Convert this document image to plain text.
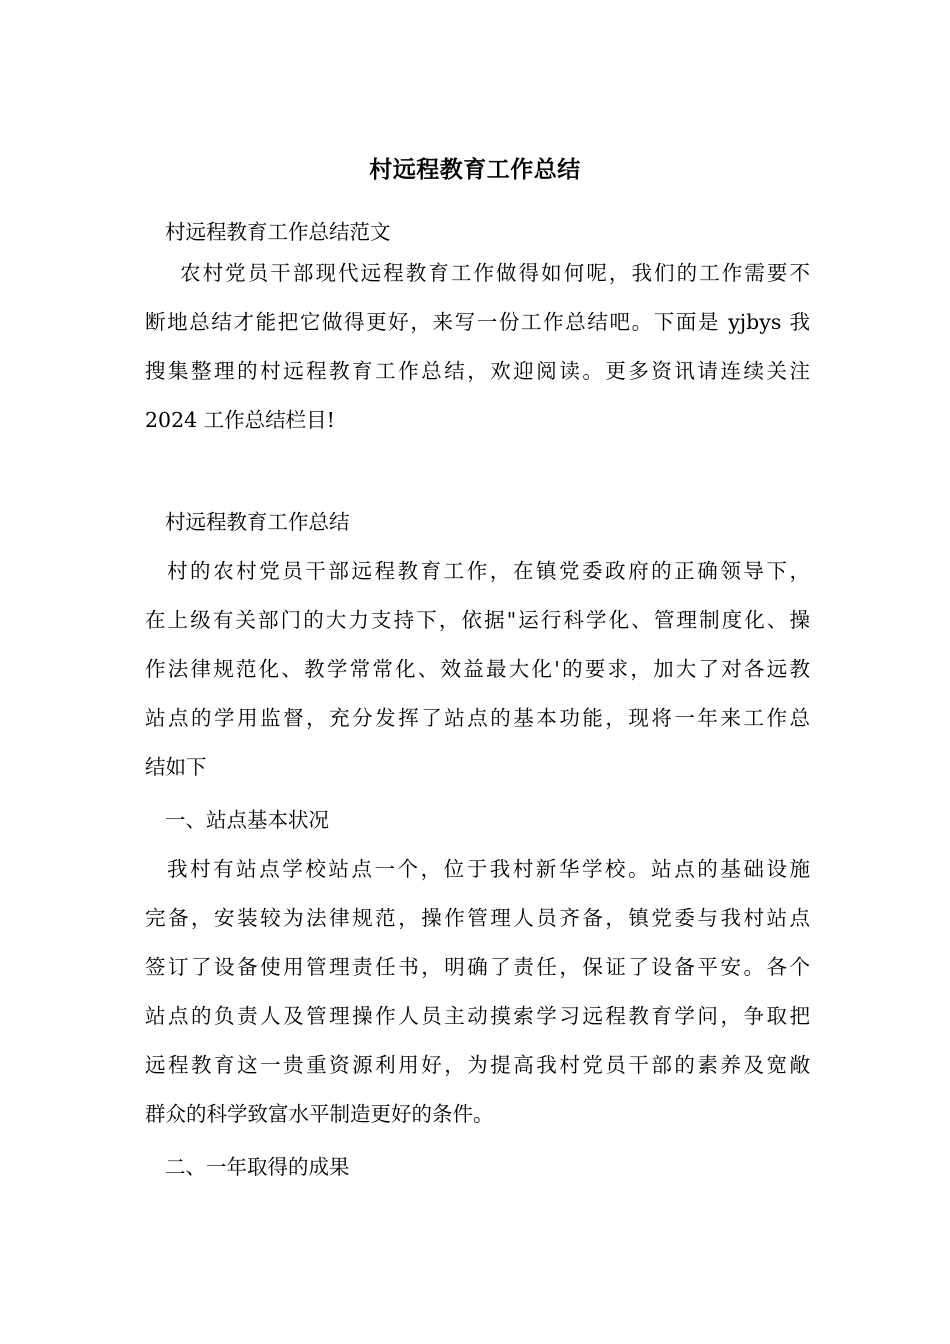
村远程教育工作总结
村远程教育工作总结范文
农村党员干部现代远程教育工作做得如何呢，我们的工作需要不
断地总结才能把它做得更好，来写一份工作总结吧。下面是 yjbys 我
搜集整理的村远程教育工作总结，欢迎阅读。更多资讯请连续关注
2024 工作总结栏目!
村远程教育工作总结
村的农村党员干部远程教育工作，在镇党委政府的正确领导下，
在上级有关部门的大力支持下，依据"运行科学化、管理制度化、操
作法律规范化、教学常常化、效益最大化'的要求，加大了对各远教
站点的学用监督，充分发挥了站点的基本功能，现将一年来工作总
结如下
一、站点基本状况
我村有站点学校站点一个，位于我村新华学校。站点的基础设施
完备，安装较为法律规范，操作管理人员齐备，镇党委与我村站点
签订了设备使用管理责任书，明确了责任，保证了设备平安。各个
站点的负责人及管理操作人员主动摸索学习远程教育学问，争取把
远程教育这一贵重资源利用好，为提高我村党员干部的素养及宽敞
群众的科学致富水平制造更好的条件。
二、一年取得的成果
